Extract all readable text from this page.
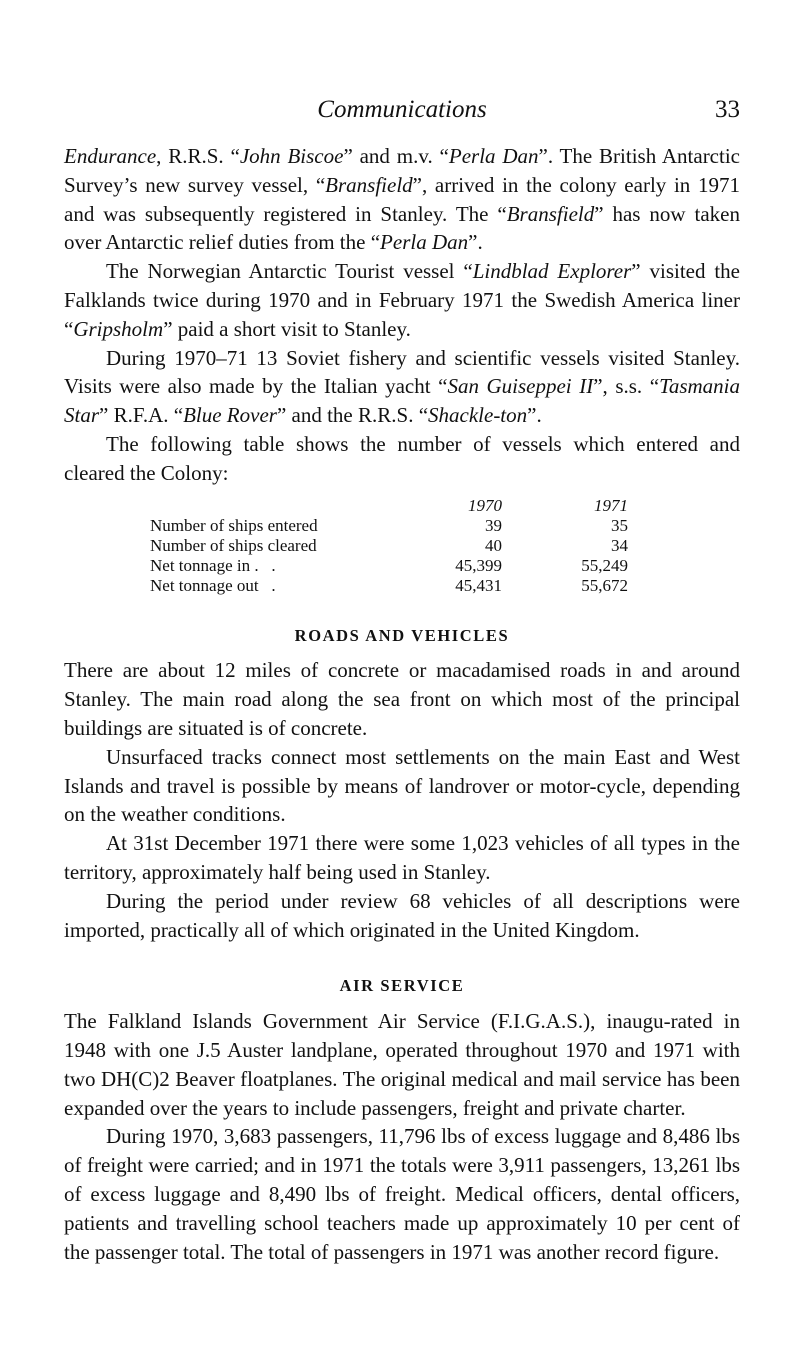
Communications	33

Endurance, R.R.S. “John Biscoe” and m.v. “Perla Dan”. The British Antarctic Survey’s new survey vessel, “Bransfield”, arrived in the colony early in 1971 and was subsequently registered in Stanley. The “Bransfield” has now taken over Antarctic relief duties from the “Perla Dan”.

The Norwegian Antarctic Tourist vessel “Lindblad Explorer” visited the Falklands twice during 1970 and in February 1971 the Swedish America liner “Gripsholm” paid a short visit to Stanley.

During 1970–71 13 Soviet fishery and scientific vessels visited Stanley. Visits were also made by the Italian yacht “San Guiseppei II”, s.s. “Tasmania Star” R.F.A. “Blue Rover” and the R.R.S. “Shackle-ton”.

The following table shows the number of vessels which entered and cleared the Colony:

	1970	1971
Number of ships entered	39	35
Number of ships cleared	40	34
Net tonnage in .   .	45,399	55,249
Net tonnage out   .	45,431	55,672
ROADS AND VEHICLES

There are about 12 miles of concrete or macadamised roads in and around Stanley. The main road along the sea front on which most of the principal buildings are situated is of concrete.

Unsurfaced tracks connect most settlements on the main East and West Islands and travel is possible by means of landrover or motor-cycle, depending on the weather conditions.

At 31st December 1971 there were some 1,023 vehicles of all types in the territory, approximately half being used in Stanley.

During the period under review 68 vehicles of all descriptions were imported, practically all of which originated in the United Kingdom.

AIR SERVICE

The Falkland Islands Government Air Service (F.I.G.A.S.), inaugu-rated in 1948 with one J.5 Auster landplane, operated throughout 1970 and 1971 with two DH(C)2 Beaver floatplanes. The original medical and mail service has been expanded over the years to include passengers, freight and private charter.

During 1970, 3,683 passengers, 11,796 lbs of excess luggage and 8,486 lbs of freight were carried; and in 1971 the totals were 3,911 passengers, 13,261 lbs of excess luggage and 8,490 lbs of freight. Medical officers, dental officers, patients and travelling school teachers made up approximately 10 per cent of the passenger total. The total of passengers in 1971 was another record figure.
